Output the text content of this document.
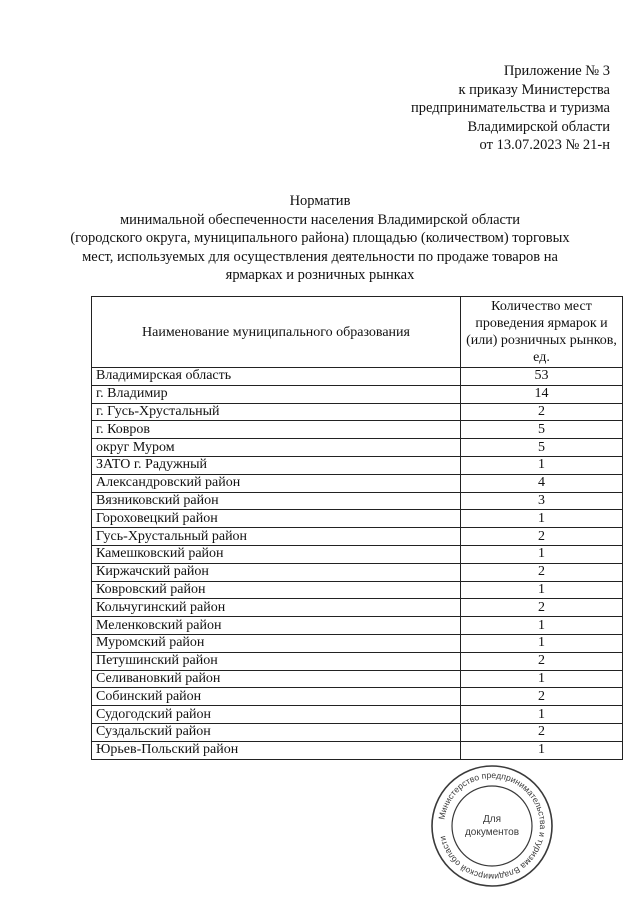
Приложение № 3
к приказу Министерства
предпринимательства и туризма
Владимирской области
от 13.07.2023 № 21-н
Норматив
минимальной обеспеченности населения Владимирской области
(городского округа, муниципального района) площадью (количеством) торговых
мест, используемых для осуществления деятельности по продаже товаров на
ярмарках и розничных рынках
Наименование муниципального образования	Количество мест проведения ярмарок и (или) розничных рынков, ед.
Владимирская область	53
г. Владимир	14
г. Гусь-Хрустальный	2
г. Ковров	5
округ Муром	5
ЗАТО г. Радужный	1
Александровский район	4
Вязниковский район	3
Гороховецкий район	1
Гусь-Хрустальный район	2
Камешковский район	1
Киржачский район	2
Ковровский район	1
Кольчугинский район	2
Меленковский район	1
Муромский район	1
Петушинский район	2
Селивановкий район	1
Собинский район	2
Судогодский район	1
Суздальский район	2
Юрьев-Польский район	1
Министерство предпринимательства и туризма Владимирской области
Для
документов
